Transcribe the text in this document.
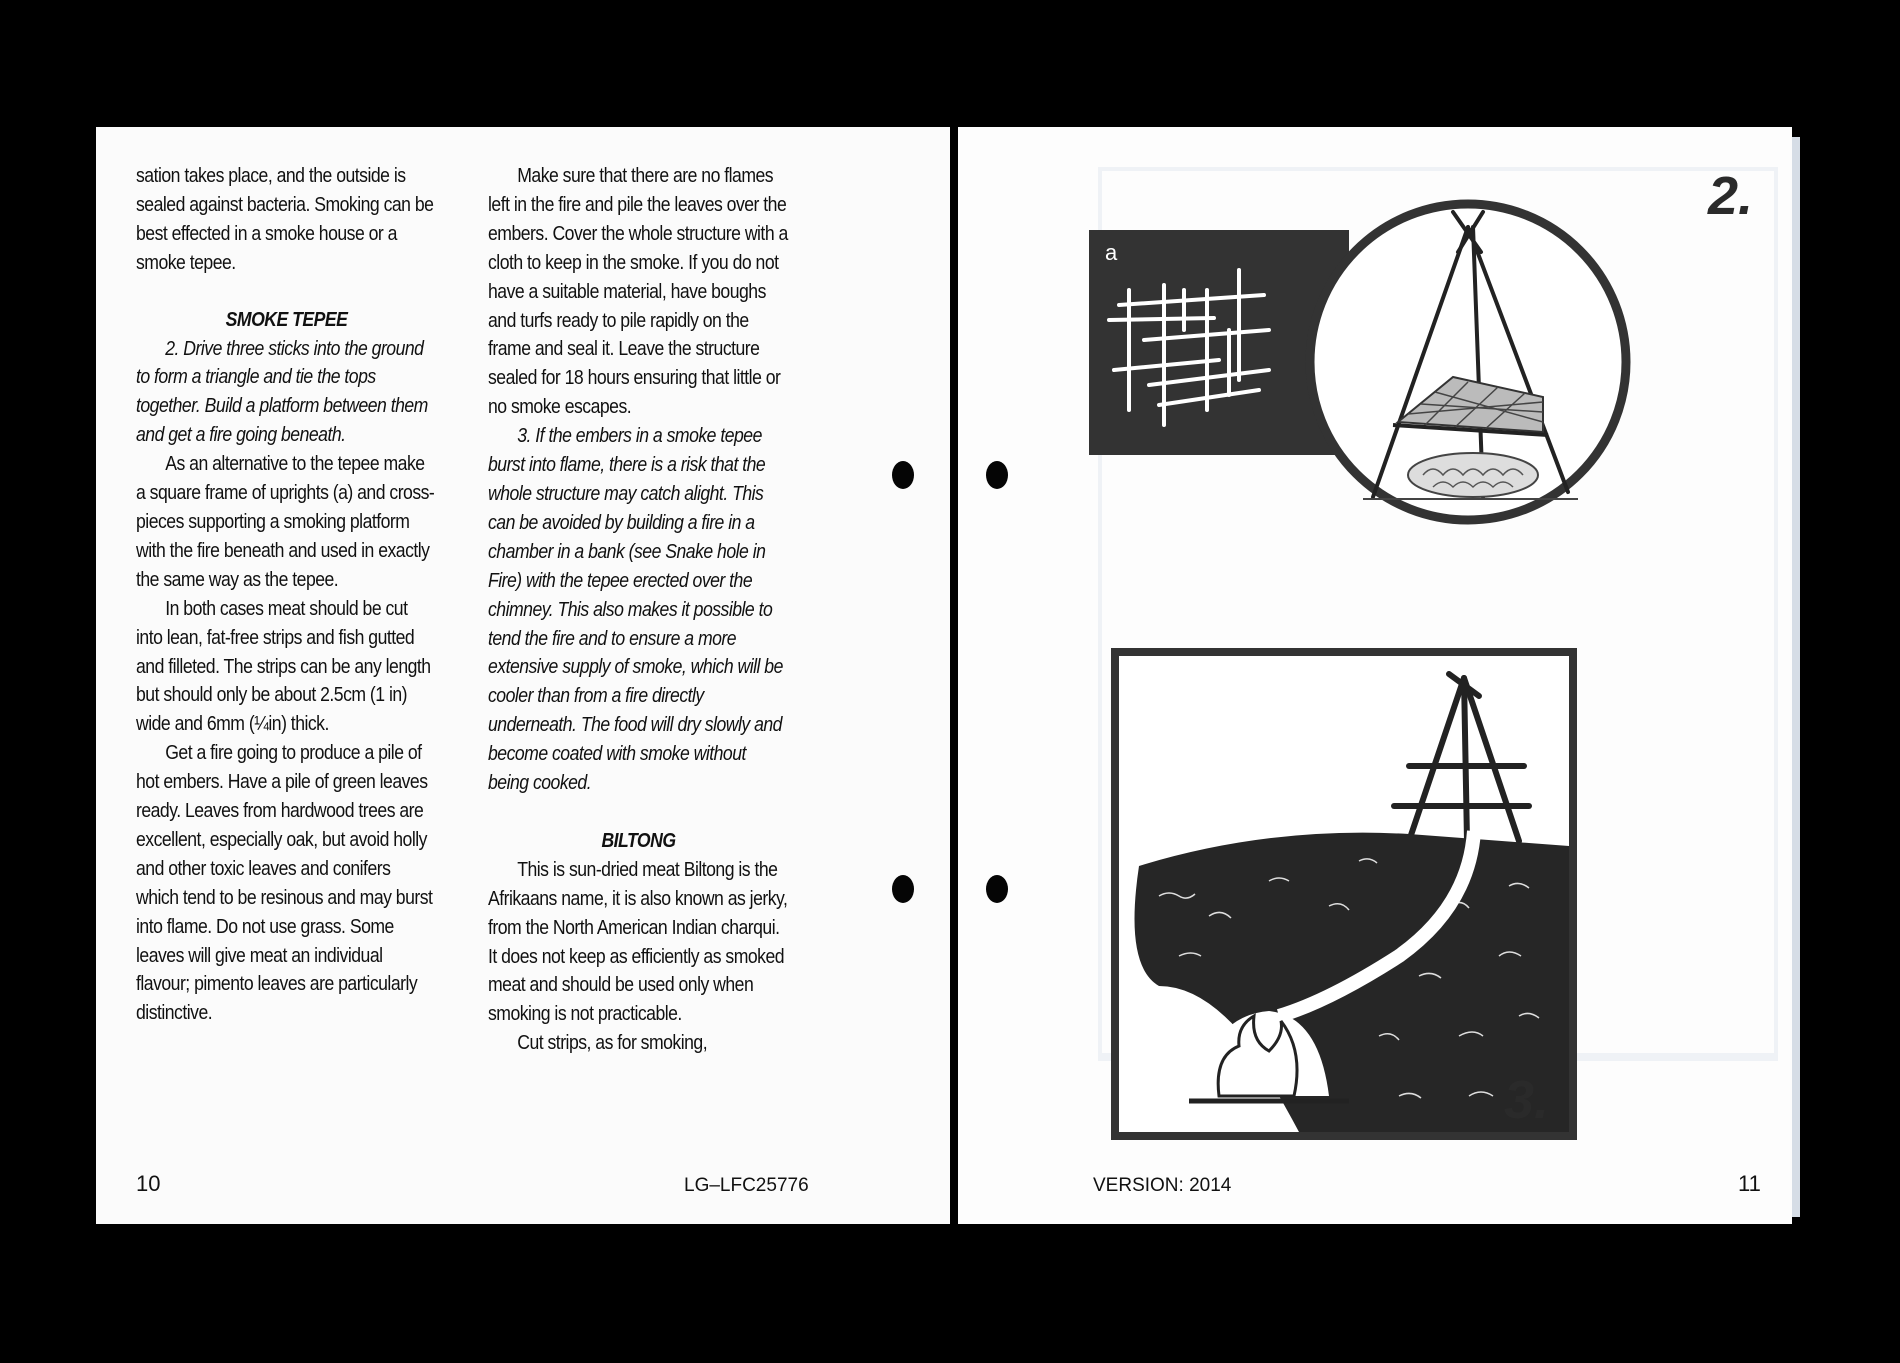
sation takes place, and the outside is sealed against bacteria. Smoking can be best effected in a smoke house or a smoke tepee.

SMOKE TEPEE

2. Drive three sticks into the ground to form a triangle and tie the tops together. Build a platform between them and get a fire going beneath.

As an alternative to the tepee make a square frame of uprights (a) and cross-pieces supporting a smoking platform with the fire beneath and used in exactly the same way as the tepee.

In both cases meat should be cut into lean, fat-free strips and fish gutted and filleted. The strips can be any length but should only be about 2.5cm (1 in) wide and 6mm (¼in) thick.

Get a fire going to produce a pile of hot embers. Have a pile of green leaves ready. Leaves from hardwood trees are excellent, especially oak, but avoid holly and other toxic leaves and conifers which tend to be resinous and may burst into flame. Do not use grass. Some leaves will give meat an individual flavour; pimento leaves are particularly distinctive.

Make sure that there are no flames left in the fire and pile the leaves over the embers. Cover the whole structure with a cloth to keep in the smoke. If you do not have a suitable material, have boughs and turfs ready to pile rapidly on the frame and seal it. Leave the structure sealed for 18 hours ensuring that little or no smoke escapes.

3. If the embers in a smoke tepee burst into flame, there is a risk that the whole structure may catch alight. This can be avoided by building a fire in a chamber in a bank (see Snake hole in Fire) with the tepee erected over the chimney. This also makes it possible to tend the fire and to ensure a more extensive supply of smoke, which will be cooler than from a fire directly underneath. The food will dry slowly and become coated with smoke without being cooked.

BILTONG

This is sun-dried meat Biltong is the Afrikaans name, it is also known as jerky, from the North American Indian charqui. It does not keep as efficiently as smoked meat and should be used only when smoking is not practicable.

Cut strips, as for smoking,

10	LG–LFC25776
a
2.
3.
VERSION: 2014	11
